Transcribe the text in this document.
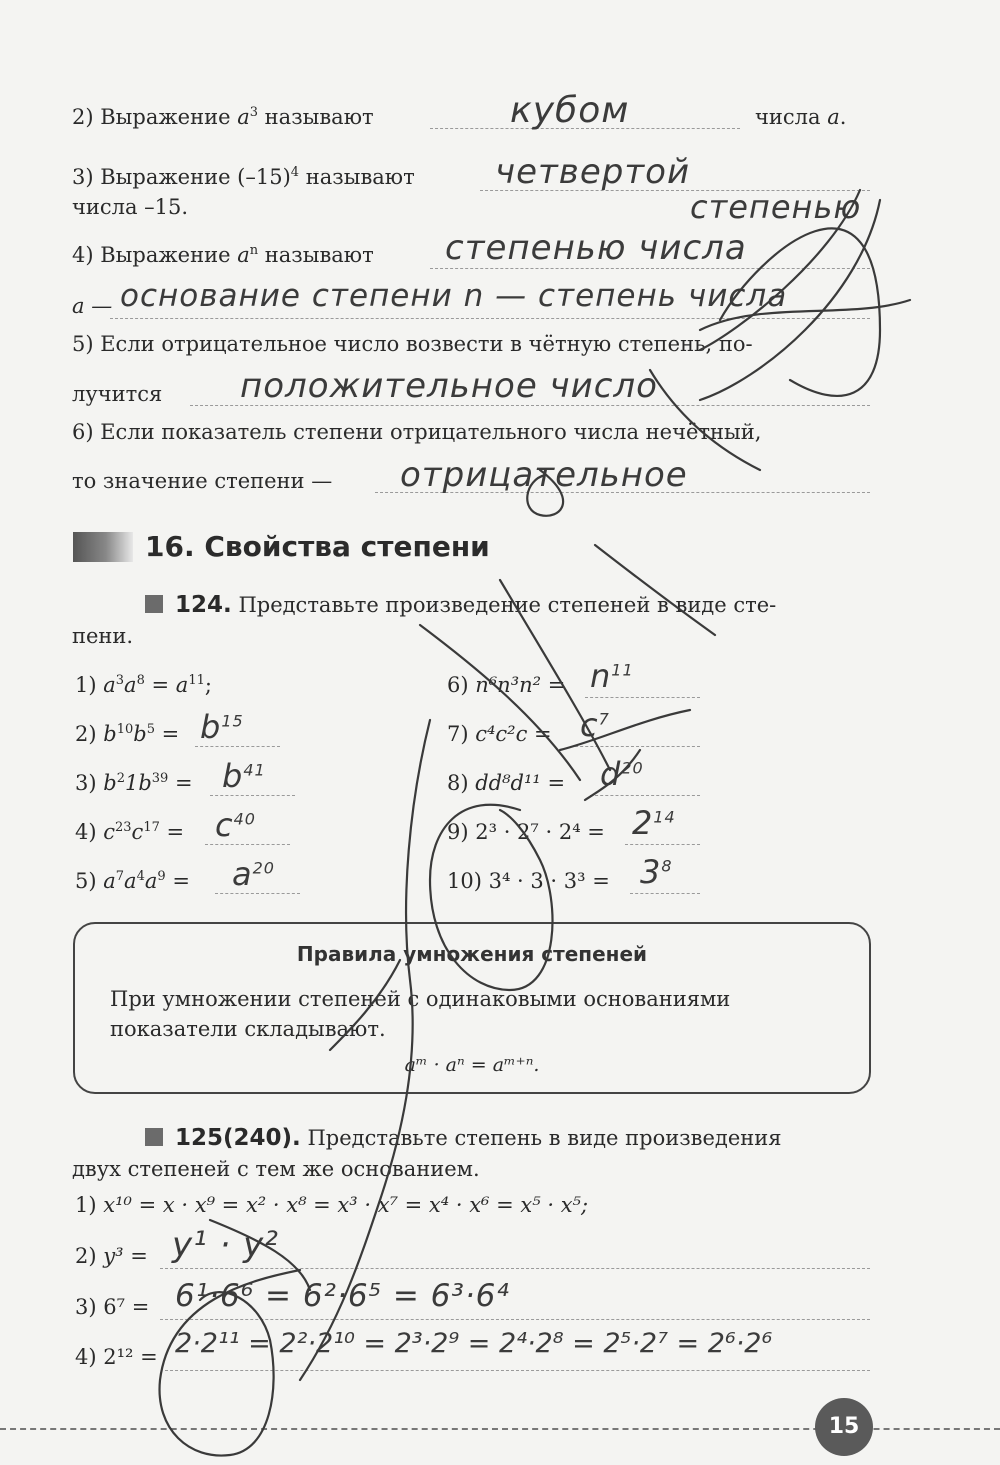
2) Выражение $a^3$ называют	кубом	числа a.
3) Выражение $(-15)^4$ называют четвертой
числа –15.	степенью
4) Выражение $a^n$ называют степенью числа
a — основание степени n — степень числа
5) Если отрицательное число возвести в чётную степень, по-
лучится положительное число
6) Если показатель степени отрицательного числа нечётный,
то значение степени — отрицательное
16. Свойства степени
124. Представьте произведение степеней в виде сте-
пени.
1) $a^3a^8 = a^{11}$;
2) $b^{10}b^5 = b^{15}$
3) $b^21b^{39} = b^{41}$
4) $c^{23}c^{17} = c^{40}$
5) $a^7a^4a^9 = a^{20}$
6) $n^6n^3n^2 = n^{11}$
7) $c^4c^2c = c^7$
8) $dd^8d^{11} = d^{20}$
9) $2^3 \cdot 2^7 \cdot 2^4 = 2^{14}$
10) $3^4 \cdot 3 \cdot 3^3 = 3^8$
Правила умножения степеней
При умножении степеней с одинаковыми основаниями показатели складывают.
aᵐ · aⁿ = aᵐ⁺ⁿ.
125(240). Представьте степень в виде произведения
двух степеней с тем же основанием.
1) x¹⁰ = x · x⁹ = x² · x⁸ = x³ · x⁷ = x⁴ · x⁶ = x⁵ · x⁵;
2) y³ = y¹ · y²
3) 6⁷ = 6¹·6⁶ = 6²·6⁵ = 6³·6⁴
4) 2¹² = 2·2¹¹ = 2²·2¹⁰ = 2³·2⁹ = 2⁴·2⁸ = 2⁵·2⁷ = 2⁶·2⁶
15
